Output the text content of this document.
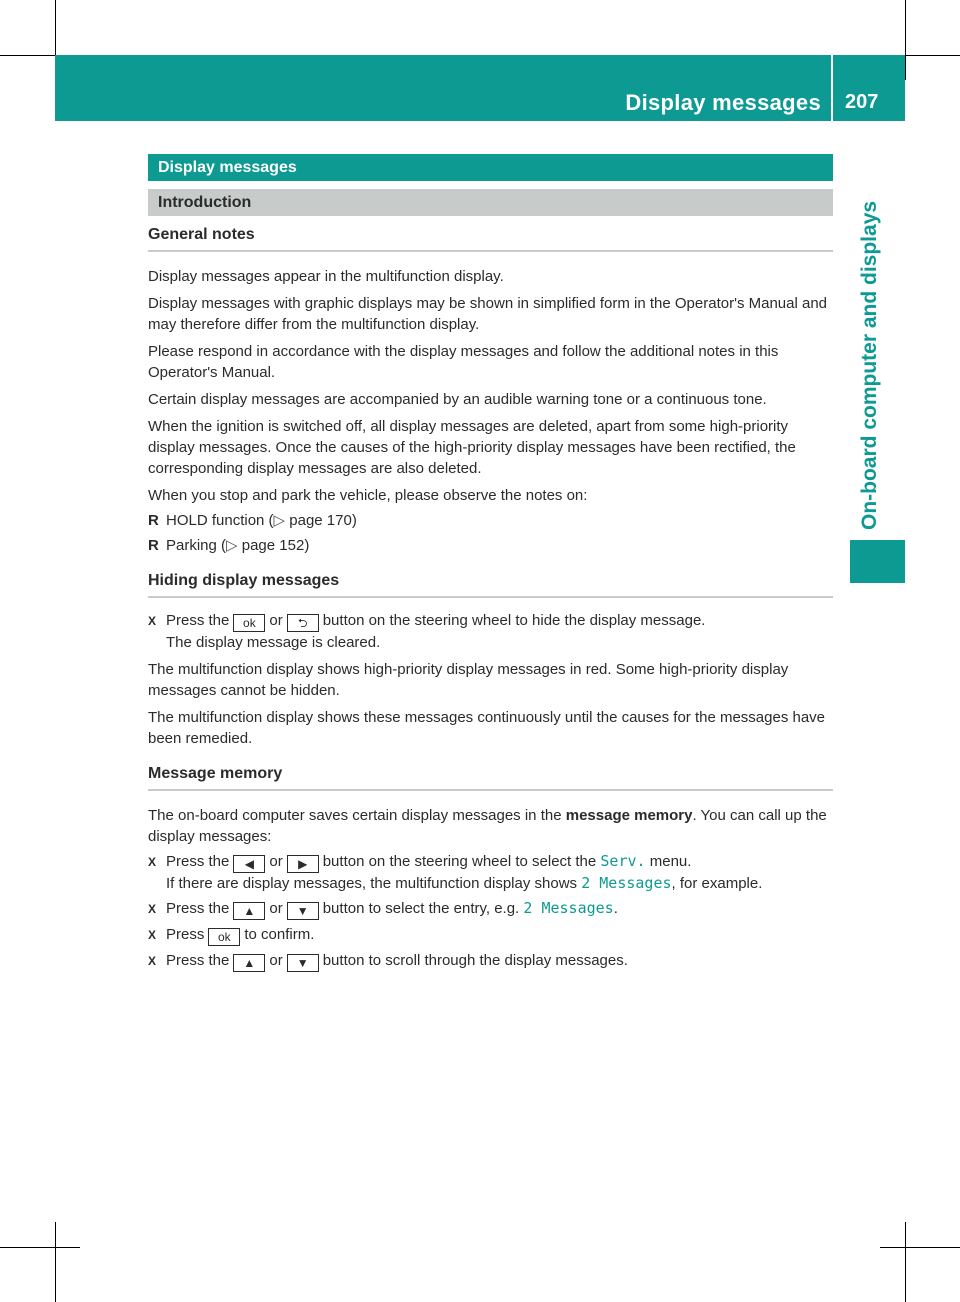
Display messages 207
On-board computer and displays
Display messages
Introduction
General notes

Display messages appear in the multifunction display.

Display messages with graphic displays may be shown in simplified form in the Operator's Manual and may therefore differ from the multifunction display.

Please respond in accordance with the display messages and follow the additional notes in this Operator's Manual.

Certain display messages are accompanied by an audible warning tone or a continuous tone.

When the ignition is switched off, all display messages are deleted, apart from some high-priority display messages. Once the causes of the high-priority display messages have been rectified, the corresponding display messages are also deleted.

When you stop and park the vehicle, please observe the notes on:

R HOLD function (▷ page 170)
R Parking (▷ page 152)
Hiding display messages
X Press the ok or ⮌ button on the steering wheel to hide the display message.
The display message is cleared.

The multifunction display shows high-priority display messages in red. Some high-priority display messages cannot be hidden.

The multifunction display shows these messages continuously until the causes for the messages have been remedied.

Message memory

The on-board computer saves certain display messages in the message memory. You can call up the display messages:

X Press the ◀ or ▶ button on the steering wheel to select the Serv. menu.
If there are display messages, the multifunction display shows 2 Messages, for example.
X Press the ▲ or ▼ button to select the entry, e.g. 2 Messages.
X Press ok to confirm.
X Press the ▲ or ▼ button to scroll through the display messages.
